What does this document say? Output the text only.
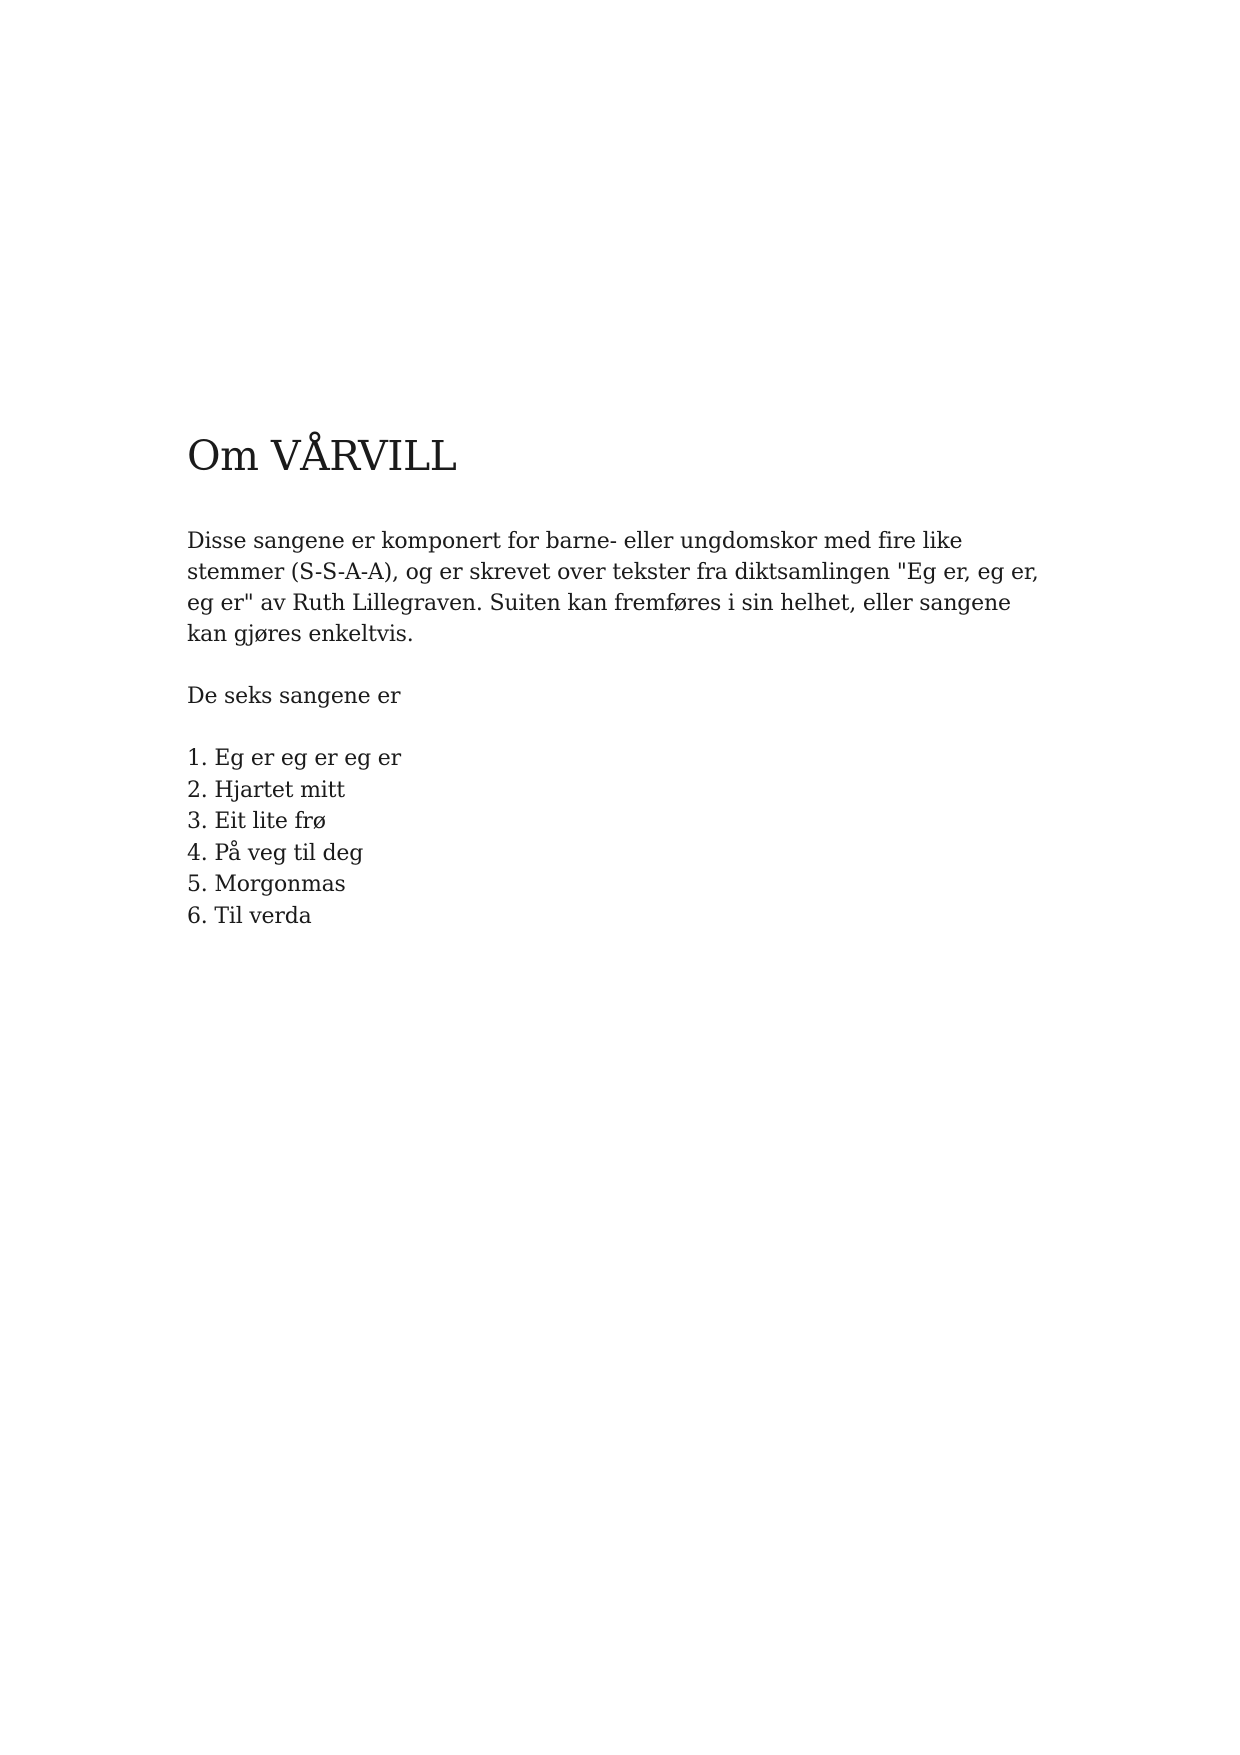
Om VÅRVILL

Disse sangene er komponert for barne- eller ungdomskor med fire like stemmer (S-S-A-A), og er skrevet over tekster fra diktsamlingen "Eg er, eg er, eg er" av Ruth Lillegraven. Suiten kan fremføres i sin helhet, eller sangene kan gjøres enkeltvis.

De seks sangene er

1. Eg er eg er eg er
2. Hjartet mitt
3. Eit lite frø
4. På veg til deg
5. Morgonmas
6. Til verda
